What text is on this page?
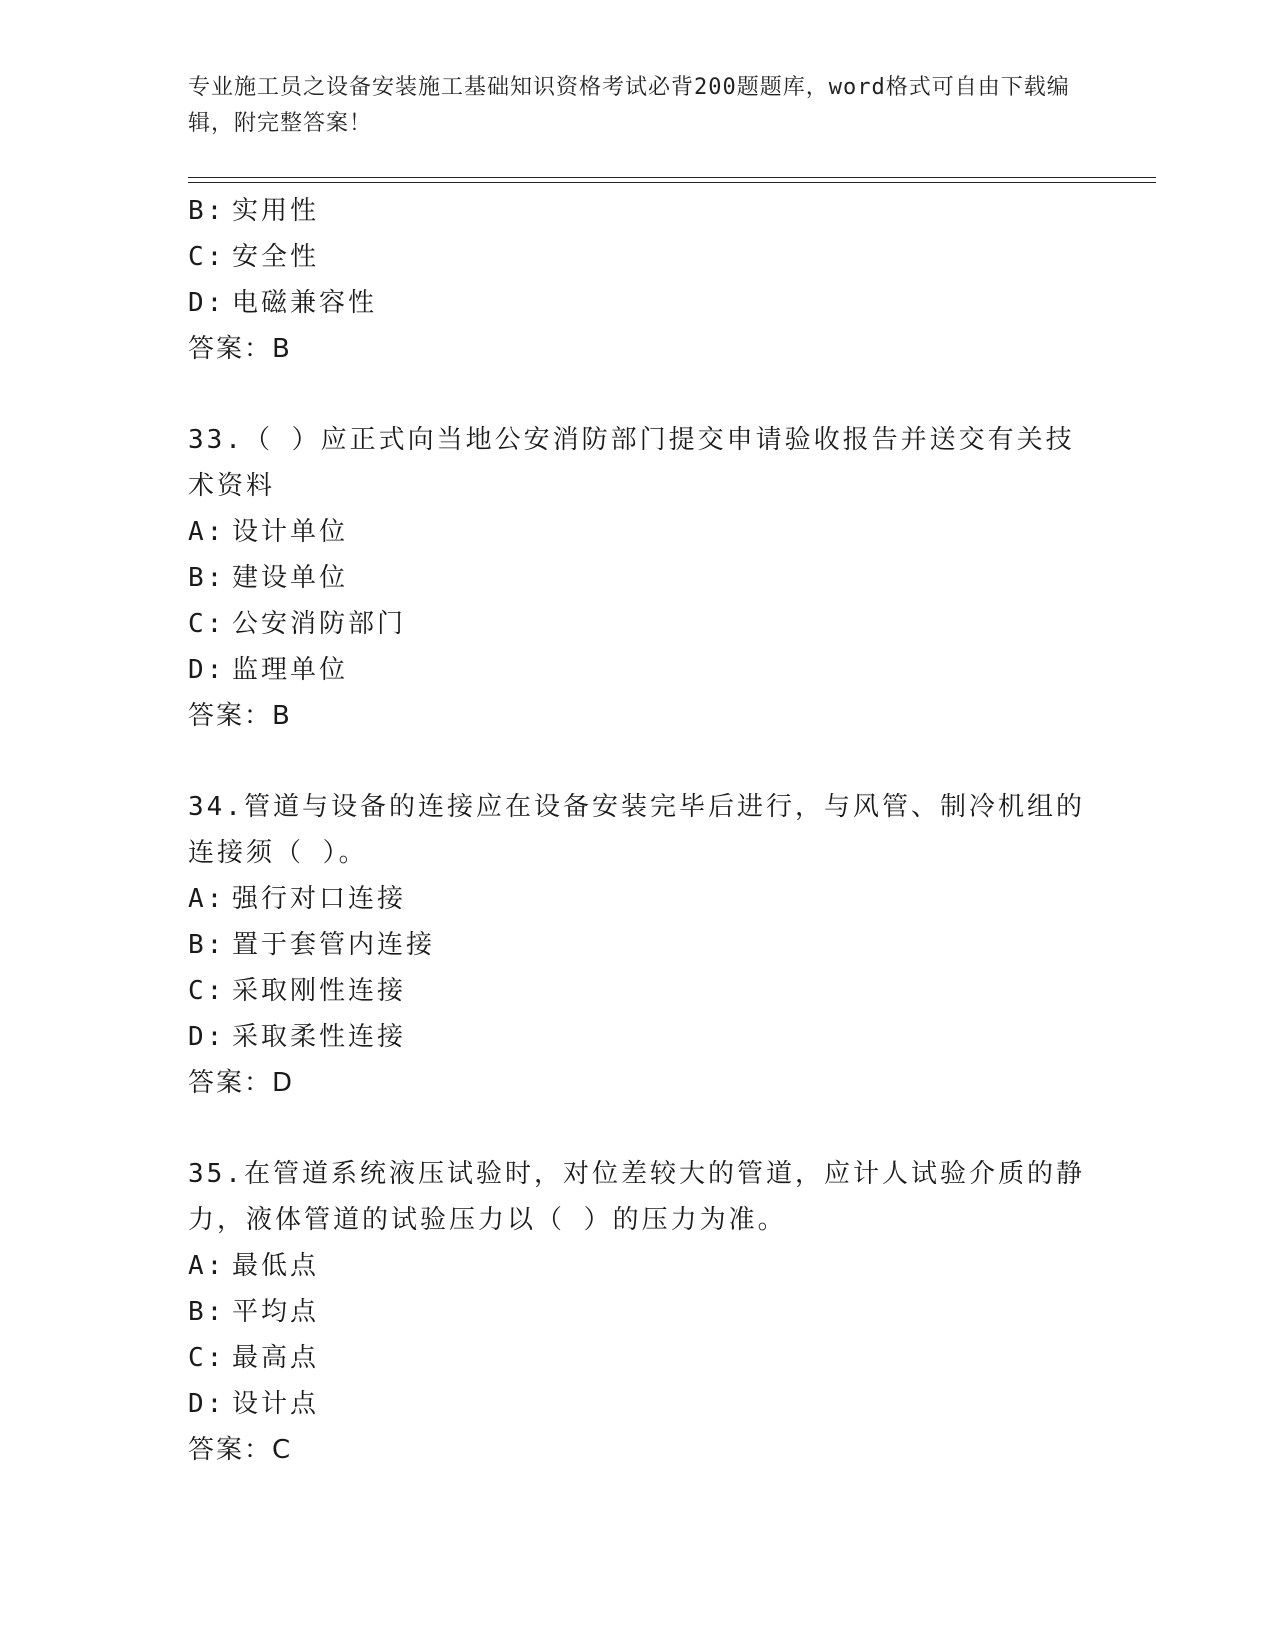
专业施工员之设备安装施工基础知识资格考试必背200题题库，word格式可自由下载编辑，附完整答案！
B: 实用性
C: 安全性
D: 电磁兼容性
答案：B
33.（ ）应正式向当地公安消防部门提交申请验收报告并送交有关技术资料
A: 设计单位
B: 建设单位
C: 公安消防部门
D: 监理单位
答案：B
34.管道与设备的连接应在设备安装完毕后进行，与风管、制冷机组的连接须（ ）。
A: 强行对口连接
B: 置于套管内连接
C: 采取刚性连接
D: 采取柔性连接
答案：D
35.在管道系统液压试验时，对位差较大的管道，应计人试验介质的静力，液体管道的试验压力以（ ）的压力为准。
A: 最低点
B: 平均点
C: 最高点
D: 设计点
答案：C
